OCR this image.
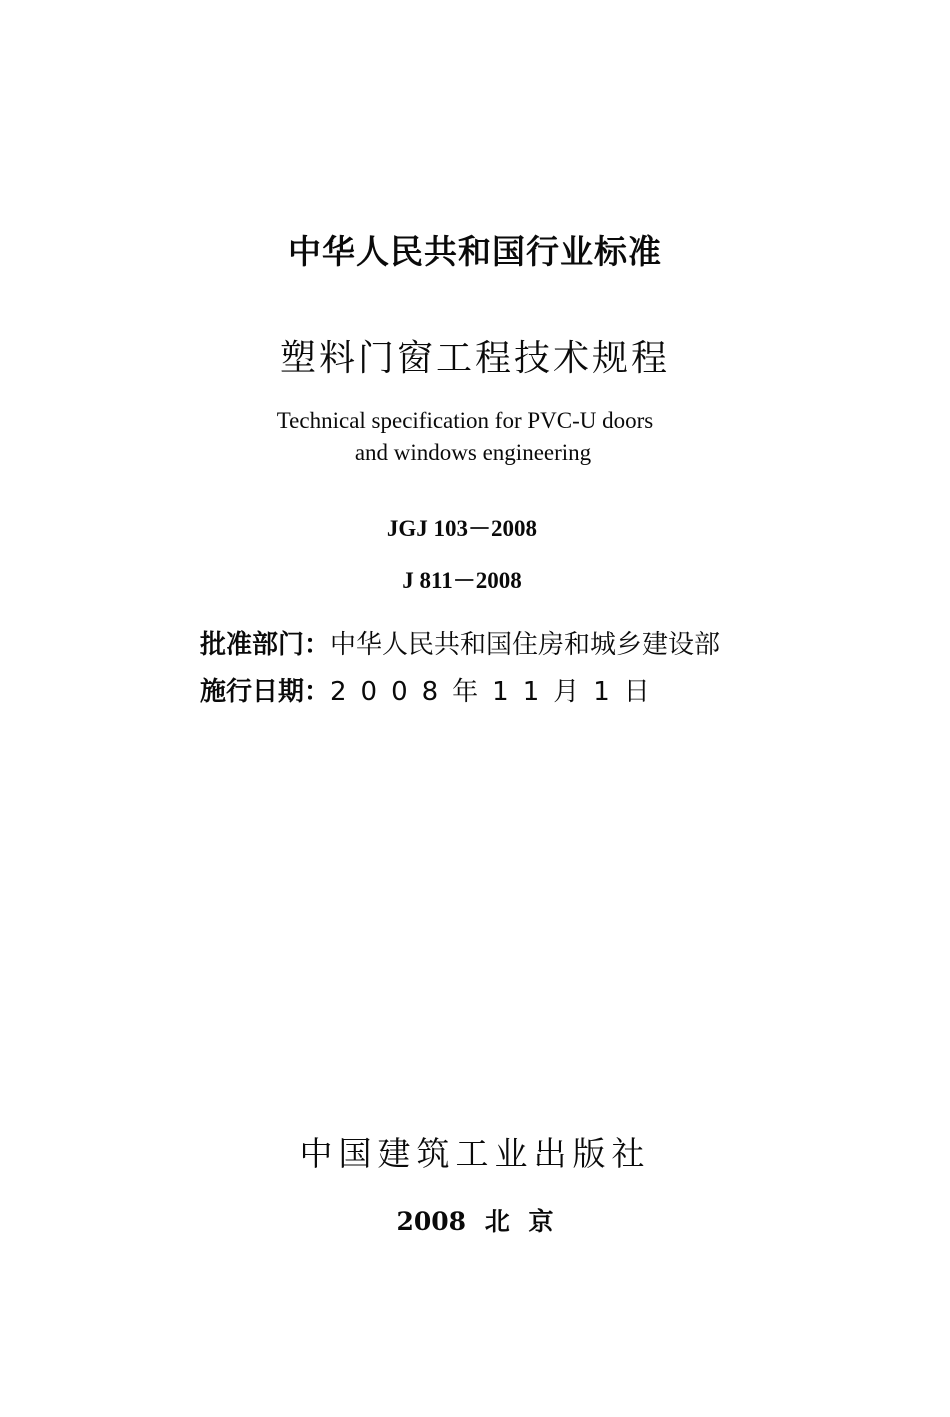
中华人民共和国行业标准
塑料门窗工程技术规程
Technical specification for PVC-U doors
and windows engineering
JGJ 103－2008
J 811－2008
批准部门：中华人民共和国住房和城乡建设部
施行日期：2008年11月1日
中国建筑工业出版社
2008 北 京
